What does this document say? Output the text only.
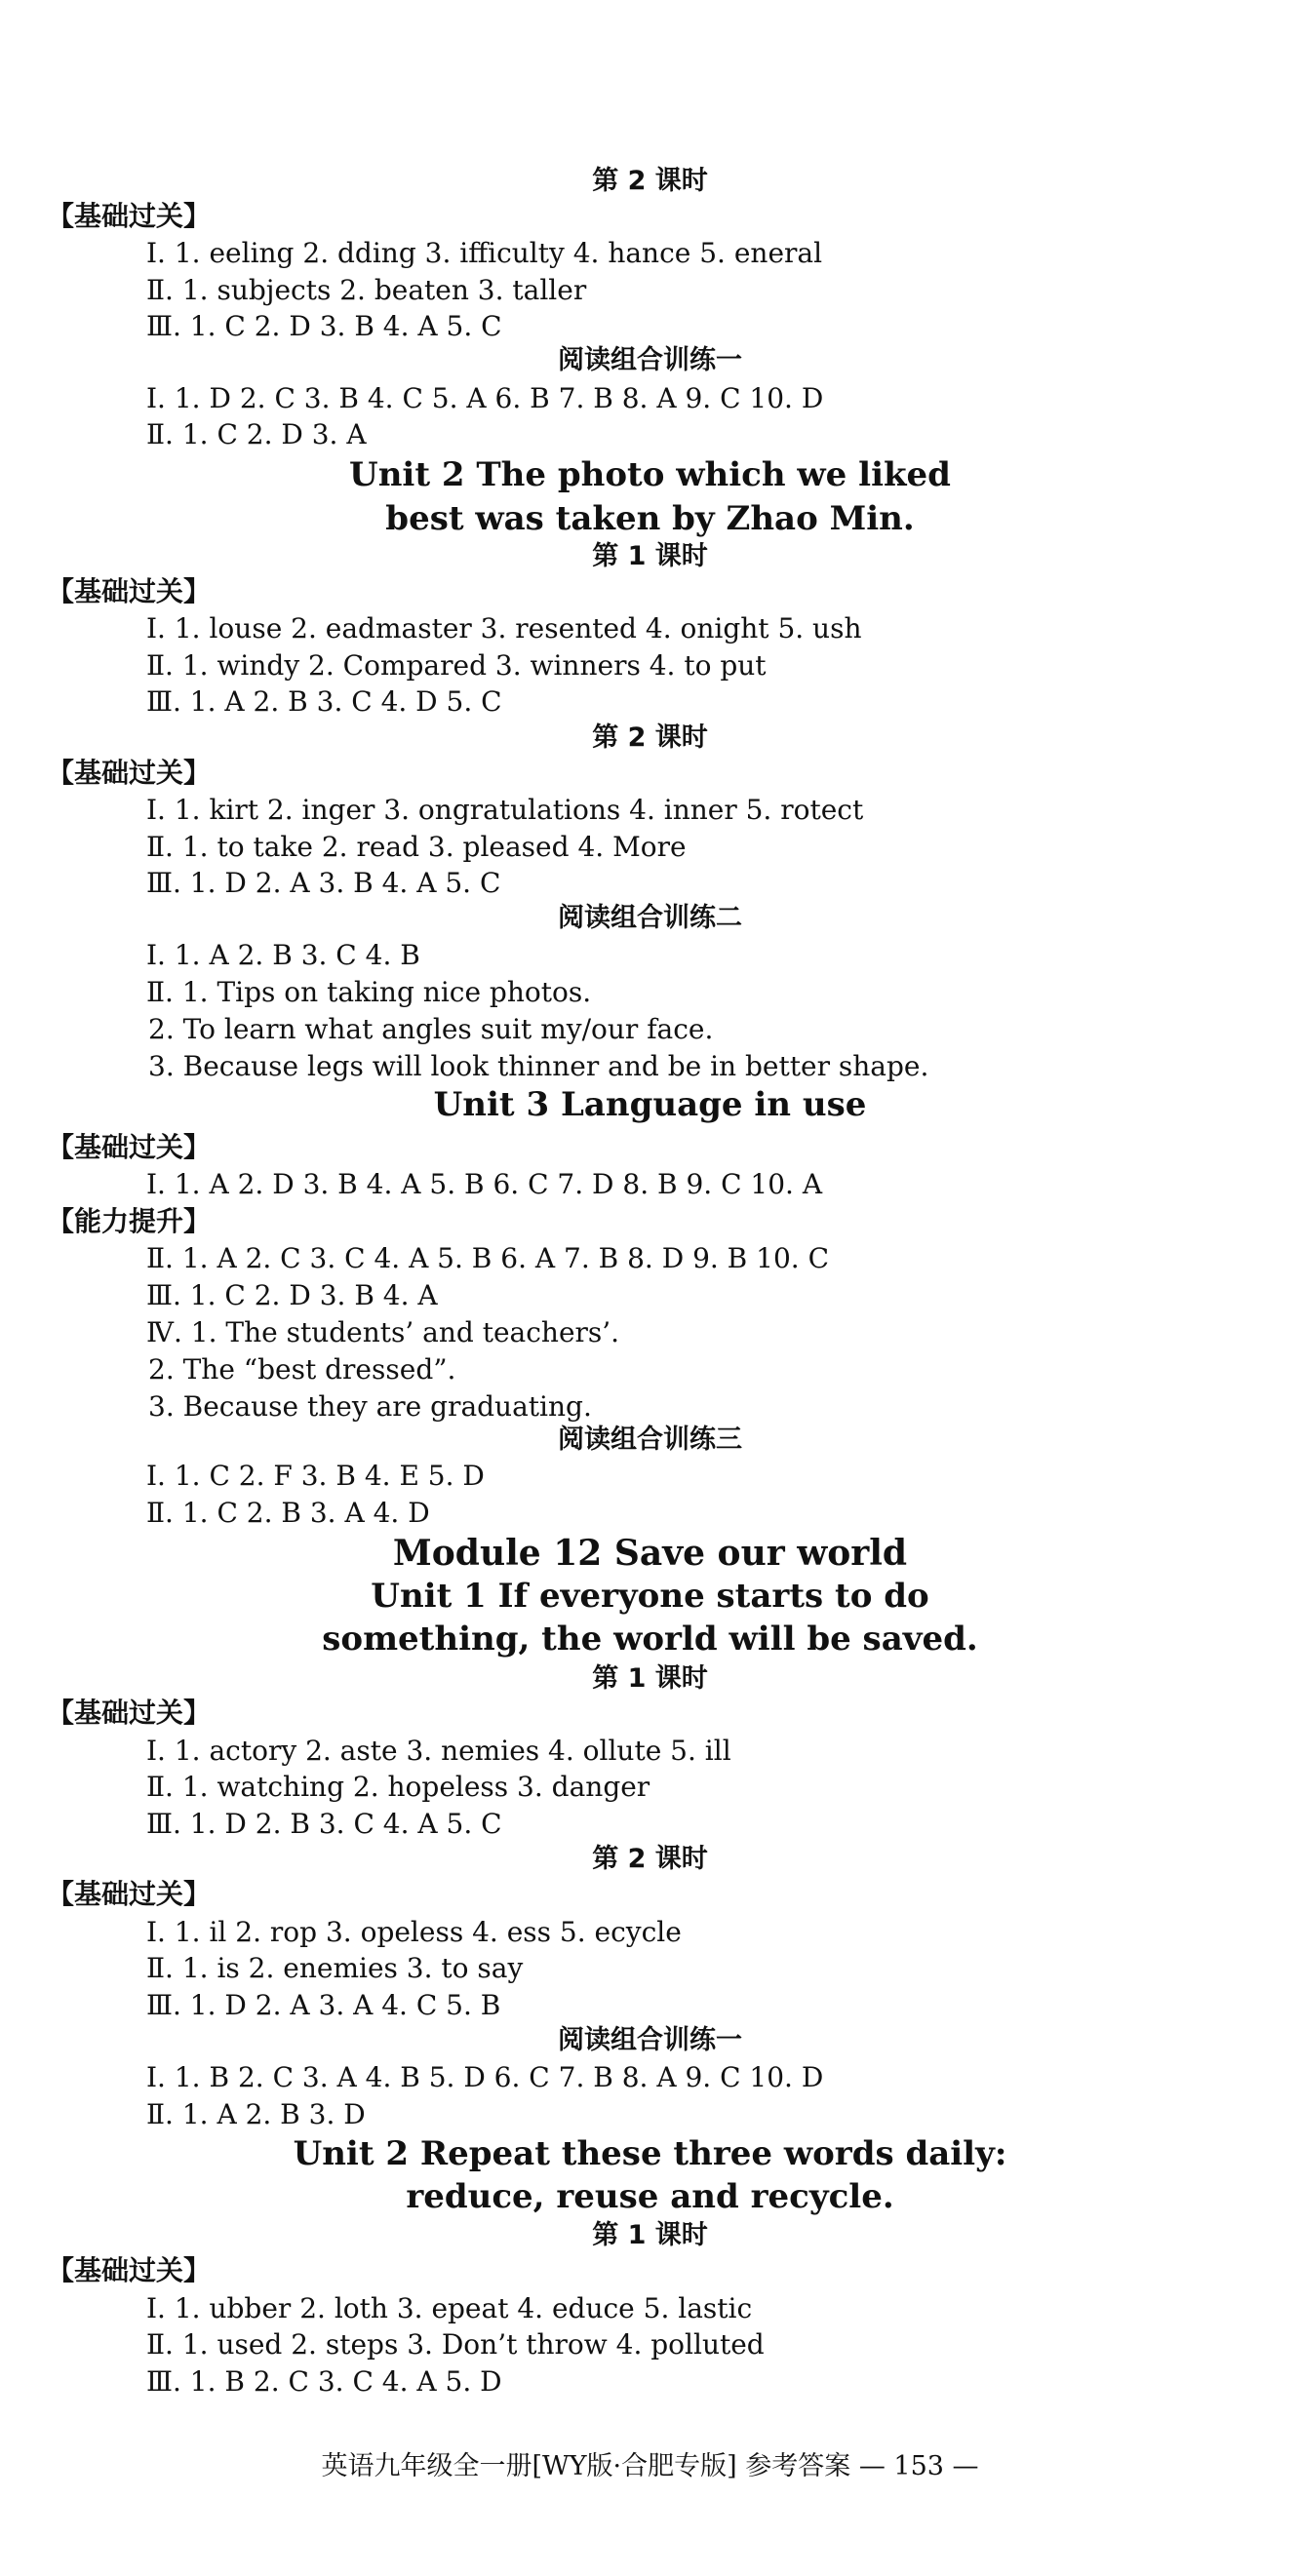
第 2 课时
【基础过关】
Ⅰ. 1. eeling 2. dding 3. ifficulty 4. hance 5. eneral
Ⅱ. 1. subjects 2. beaten 3. taller
Ⅲ. 1. C 2. D 3. B 4. A 5. C
阅读组合训练一
Ⅰ. 1. D 2. C 3. B 4. C 5. A 6. B 7. B 8. A 9. C 10. D
Ⅱ. 1. C 2. D 3. A
Unit 2 The photo which we liked
best was taken by Zhao Min.
第 1 课时
【基础过关】
Ⅰ. 1. louse 2. eadmaster 3. resented 4. onight 5. ush
Ⅱ. 1. windy 2. Compared 3. winners 4. to put
Ⅲ. 1. A 2. B 3. C 4. D 5. C
第 2 课时
【基础过关】
Ⅰ. 1. kirt 2. inger 3. ongratulations 4. inner 5. rotect
Ⅱ. 1. to take 2. read 3. pleased 4. More
Ⅲ. 1. D 2. A 3. B 4. A 5. C
阅读组合训练二
Ⅰ. 1. A 2. B 3. C 4. B
Ⅱ. 1. Tips on taking nice photos.
2. To learn what angles suit my/our face.
3. Because legs will look thinner and be in better shape.
Unit 3 Language in use
【基础过关】
Ⅰ. 1. A 2. D 3. B 4. A 5. B 6. C 7. D 8. B 9. C 10. A
【能力提升】
Ⅱ. 1. A 2. C 3. C 4. A 5. B 6. A 7. B 8. D 9. B 10. C
Ⅲ. 1. C 2. D 3. B 4. A
Ⅳ. 1. The students’ and teachers’.
2. The “best dressed”.
3. Because they are graduating.
阅读组合训练三
Ⅰ. 1. C 2. F 3. B 4. E 5. D
Ⅱ. 1. C 2. B 3. A 4. D
Module 12 Save our world
Unit 1 If everyone starts to do
something, the world will be saved.
第 1 课时
【基础过关】
Ⅰ. 1. actory 2. aste 3. nemies 4. ollute 5. ill
Ⅱ. 1. watching 2. hopeless 3. danger
Ⅲ. 1. D 2. B 3. C 4. A 5. C
第 2 课时
【基础过关】
Ⅰ. 1. il 2. rop 3. opeless 4. ess 5. ecycle
Ⅱ. 1. is 2. enemies 3. to say
Ⅲ. 1. D 2. A 3. A 4. C 5. B
阅读组合训练一
Ⅰ. 1. B 2. C 3. A 4. B 5. D 6. C 7. B 8. A 9. C 10. D
Ⅱ. 1. A 2. B 3. D
Unit 2 Repeat these three words daily:
reduce, reuse and recycle.
第 1 课时
【基础过关】
Ⅰ. 1. ubber 2. loth 3. epeat 4. educe 5. lastic
Ⅱ. 1. used 2. steps 3. Don’t throw 4. polluted
Ⅲ. 1. B 2. C 3. C 4. A 5. D
英语九年级全一册[WY版·合肥专版] 参考答案 — 153 —
